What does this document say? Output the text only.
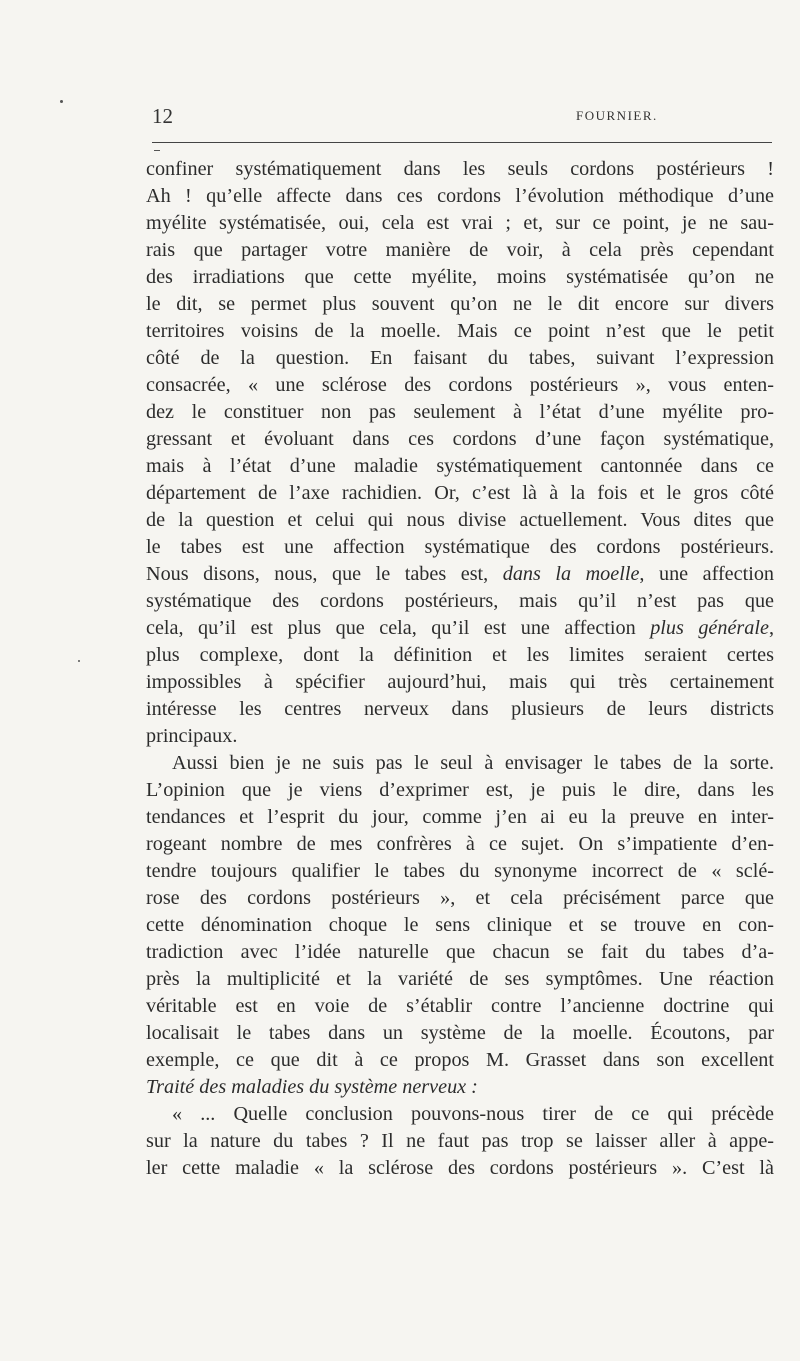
12	FOURNIER.
confiner systématiquement dans les seuls cordons postérieurs !
Ah ! qu’elle affecte dans ces cordons l’évolution méthodique d’une
myélite systématisée, oui, cela est vrai ; et, sur ce point, je ne sau-
rais que partager votre manière de voir, à cela près cependant
des irradiations que cette myélite, moins systématisée qu’on ne
le dit, se permet plus souvent qu’on ne le dit encore sur divers
territoires voisins de la moelle. Mais ce point n’est que le petit
côté de la question. En faisant du tabes, suivant l’expression
consacrée, « une sclérose des cordons postérieurs », vous enten-
dez le constituer non pas seulement à l’état d’une myélite pro-
gressant et évoluant dans ces cordons d’une façon systématique,
mais à l’état d’une maladie systématiquement cantonnée dans ce
département de l’axe rachidien. Or, c’est là à la fois et le gros côté
de la question et celui qui nous divise actuellement. Vous dites que
le tabes est une affection systématique des cordons postérieurs.
Nous disons, nous, que le tabes est, dans la moelle, une affection
systématique des cordons postérieurs, mais qu’il n’est pas que
cela, qu’il est plus que cela, qu’il est une affection plus générale,
plus complexe, dont la définition et les limites seraient certes
impossibles à spécifier aujourd’hui, mais qui très certainement
intéresse les centres nerveux dans plusieurs de leurs districts
principaux.
Aussi bien je ne suis pas le seul à envisager le tabes de la sorte.
L’opinion que je viens d’exprimer est, je puis le dire, dans les
tendances et l’esprit du jour, comme j’en ai eu la preuve en inter-
rogeant nombre de mes confrères à ce sujet. On s’impatiente d’en-
tendre toujours qualifier le tabes du synonyme incorrect de « sclé-
rose des cordons postérieurs », et cela précisément parce que
cette dénomination choque le sens clinique et se trouve en con-
tradiction avec l’idée naturelle que chacun se fait du tabes d’a-
près la multiplicité et la variété de ses symptômes. Une réaction
véritable est en voie de s’établir contre l’ancienne doctrine qui
localisait le tabes dans un système de la moelle. Écoutons, par
exemple, ce que dit à ce propos M. Grasset dans son excellent
Traité des maladies du système nerveux :
« ... Quelle conclusion pouvons-nous tirer de ce qui précède
sur la nature du tabes ? Il ne faut pas trop se laisser aller à appe-
ler cette maladie « la sclérose des cordons postérieurs ». C’est là
